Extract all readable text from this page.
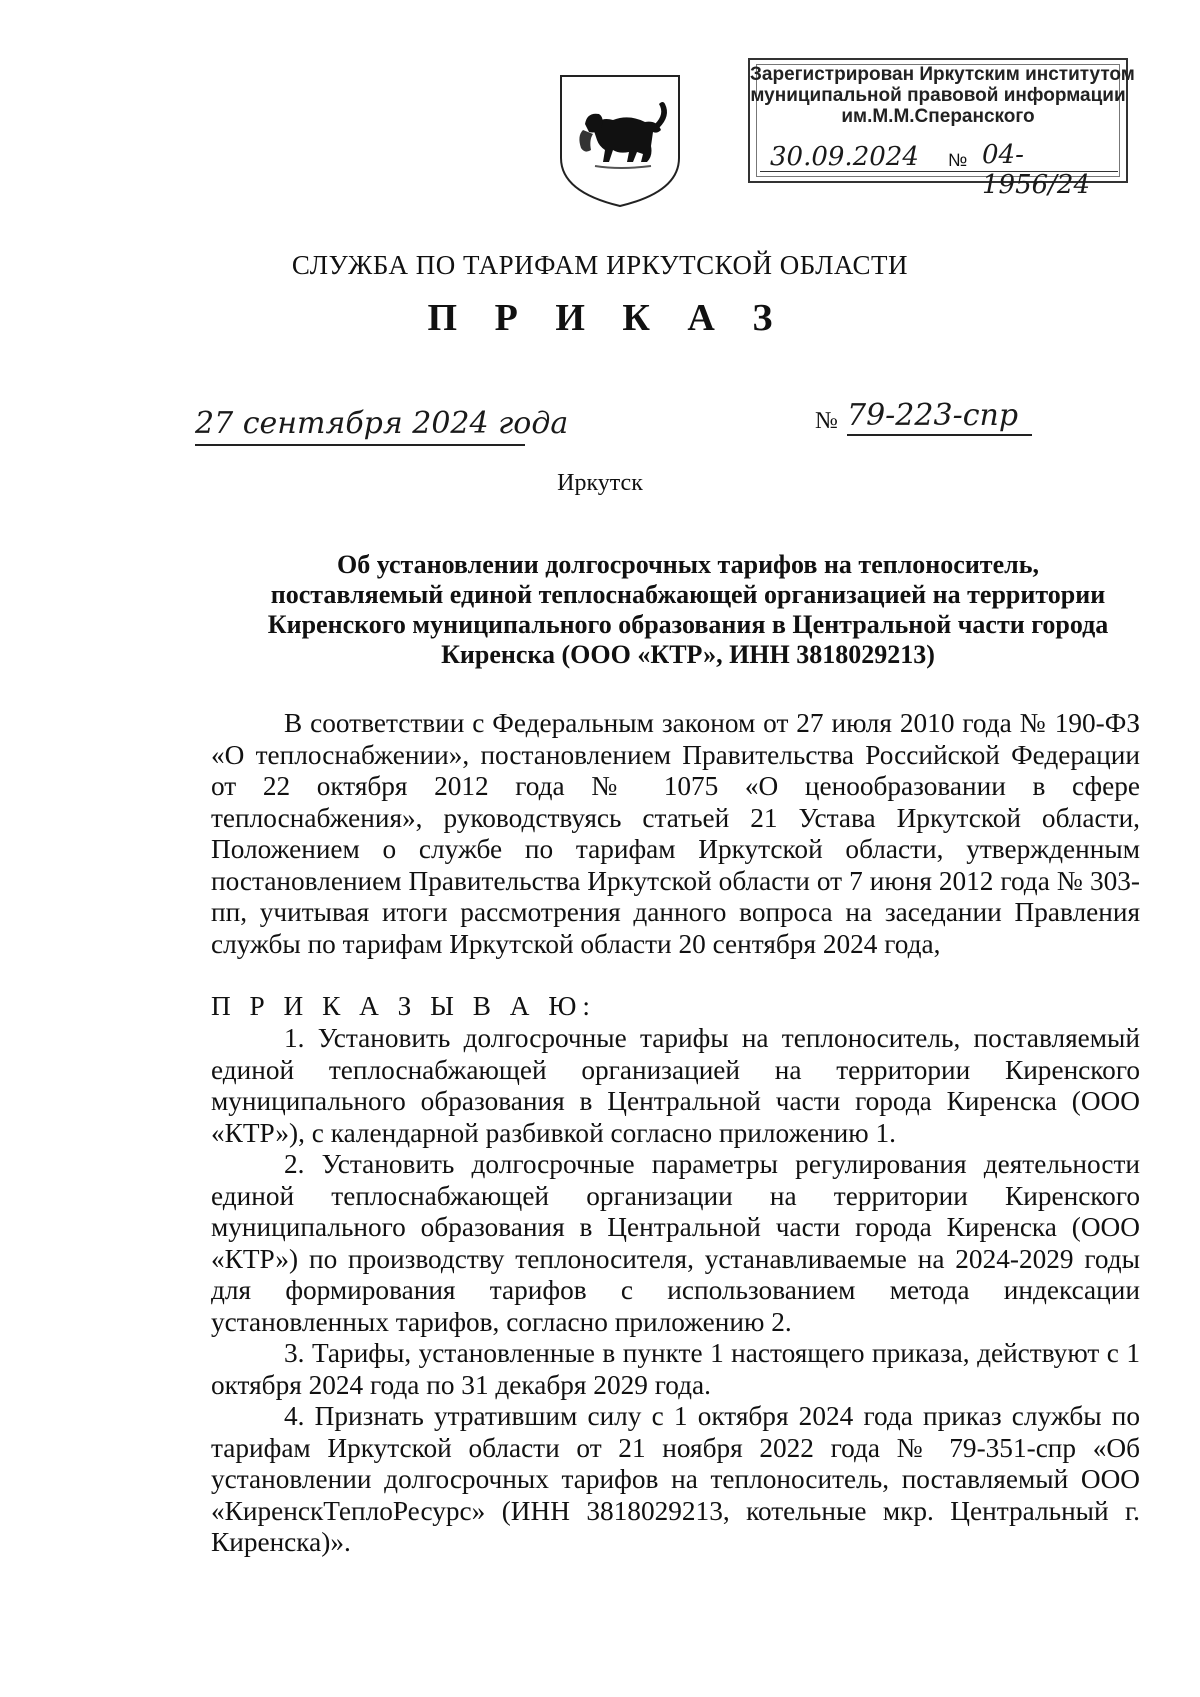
Зарегистрирован Иркутским институтом
муниципальной правовой информации
им.М.М.Сперанского
30.09.2024 № 04-1956/24
СЛУЖБА ПО ТАРИФАМ ИРКУТСКОЙ ОБЛАСТИ
П Р И К А З
27 сентября 2024 года	№ 79-223-спр
Иркутск
Об установлении долгосрочных тарифов на теплоноситель,
поставляемый единой теплоснабжающей организацией на территории
Киренского муниципального образования в Центральной части города
Киренска (ООО «КТР», ИНН 3818029213)

В соответствии с Федеральным законом от 27 июля 2010 года № 190-ФЗ «О теплоснабжении», постановлением Правительства Российской Федерации от 22 октября 2012 года № 1075 «О ценообразовании в сфере теплоснабжения», руководствуясь статьей 21 Устава Иркутской области, Положением о службе по тарифам Иркутской области, утвержденным постановлением Правительства Иркутской области от 7 июня 2012 года № 303-пп, учитывая итоги рассмотрения данного вопроса на заседании Правления службы по тарифам Иркутской области 20 сентября 2024 года,

П Р И К А З Ы В А Ю:

1. Установить долгосрочные тарифы на теплоноситель, поставляемый единой теплоснабжающей организацией на территории Киренского муниципального образования в Центральной части города Киренска (ООО «КТР»), с календарной разбивкой согласно приложению 1.

2. Установить долгосрочные параметры регулирования деятельности единой теплоснабжающей организации на территории Киренского муниципального образования в Центральной части города Киренска (ООО «КТР») по производству теплоносителя, устанавливаемые на 2024-2029 годы для формирования тарифов с использованием метода индексации установленных тарифов, согласно приложению 2.

3. Тарифы, установленные в пункте 1 настоящего приказа, действуют с 1 октября 2024 года по 31 декабря 2029 года.

4. Признать утратившим силу с 1 октября 2024 года приказ службы по тарифам Иркутской области от 21 ноября 2022 года № 79-351-спр «Об установлении долгосрочных тарифов на теплоноситель, поставляемый ООО «КиренскТеплоРесурс» (ИНН 3818029213, котельные мкр. Центральный г. Киренска)».
